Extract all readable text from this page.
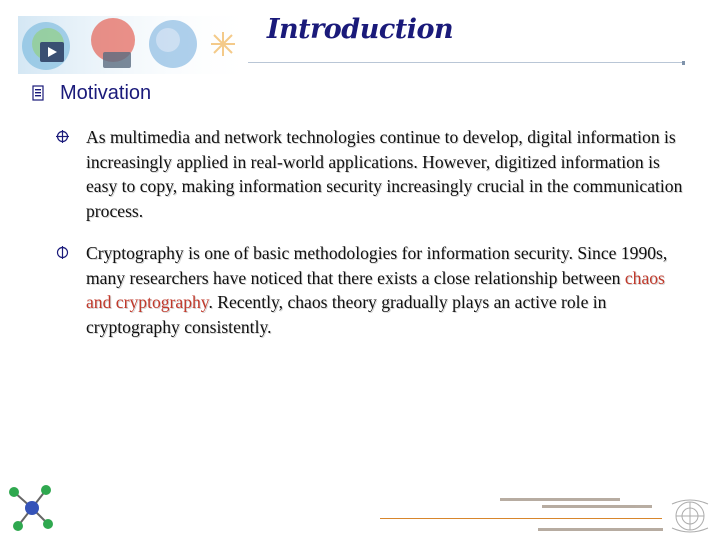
Introduction
Motivation
As multimedia and network technologies continue to develop, digital information is increasingly applied in real-world applications. However, digitized information is easy to copy, making information security increasingly crucial in the communication process.
Cryptography is one of basic methodologies for information security. Since 1990s, many researchers have noticed that there exists a close relationship between chaos and cryptography. Recently, chaos theory gradually plays an active role in cryptography consistently.
